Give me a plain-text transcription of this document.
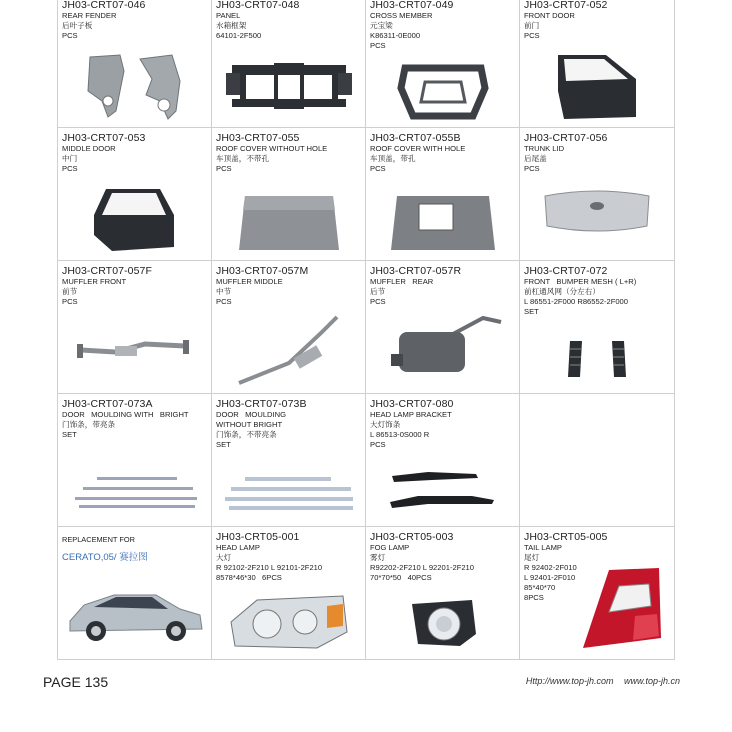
JH03-CRT07-046
REAR FENDER
后叶子板
PCS
JH03-CRT07-048
PANEL
水箱框架
64101-2F500
JH03-CRT07-049
CROSS MEMBER
元宝梁
K86311-0E000
PCS
JH03-CRT07-052
FRONT DOOR
前门
PCS
JH03-CRT07-053
MIDDLE DOOR
中门
PCS
JH03-CRT07-055
ROOF COVER WITHOUT HOLE
车顶盖，不带孔
PCS
JH03-CRT07-055B
ROOF COVER WITH HOLE
车顶盖，带孔
PCS
JH03-CRT07-056
TRUNK LID
后尾盖
PCS
JH03-CRT07-057F
MUFFLER FRONT
前节
PCS
JH03-CRT07-057M
MUFFLER MIDDLE
中节
PCS
JH03-CRT07-057R
MUFFLER   REAR
后节
PCS
JH03-CRT07-072
FRONT   BUMPER MESH ( L+R)
前杠通风网（分左右）
L 86551-2F000 R86552-2F000
SET
JH03-CRT07-073A
DOOR   MOULDING WITH   BRIGHT
门饰条，带亮条
SET
JH03-CRT07-073B
DOOR   MOULDING
WITHOUT BRIGHT
门饰条，不带亮条
SET
JH03-CRT07-080
HEAD LAMP BRACKET
大灯饰条
L 86513-0S000 R
PCS
REPLACEMENT FOR
CERATO,05/ 赛拉图
JH03-CRT05-001
HEAD LAMP
大灯
R 92102-2F210 L 92101-2F210
8578*46*30   6PCS
JH03-CRT05-003
FOG LAMP
雾灯
R92202-2F210 L 92201-2F210
70*70*50   40PCS
JH03-CRT05-005
TAIL LAMP
尾灯
R 92402-2F010
L 92401-2F010
85*40*70
8PCS
PAGE 135	Http://www.top-jh.com www.top-jh.cn
